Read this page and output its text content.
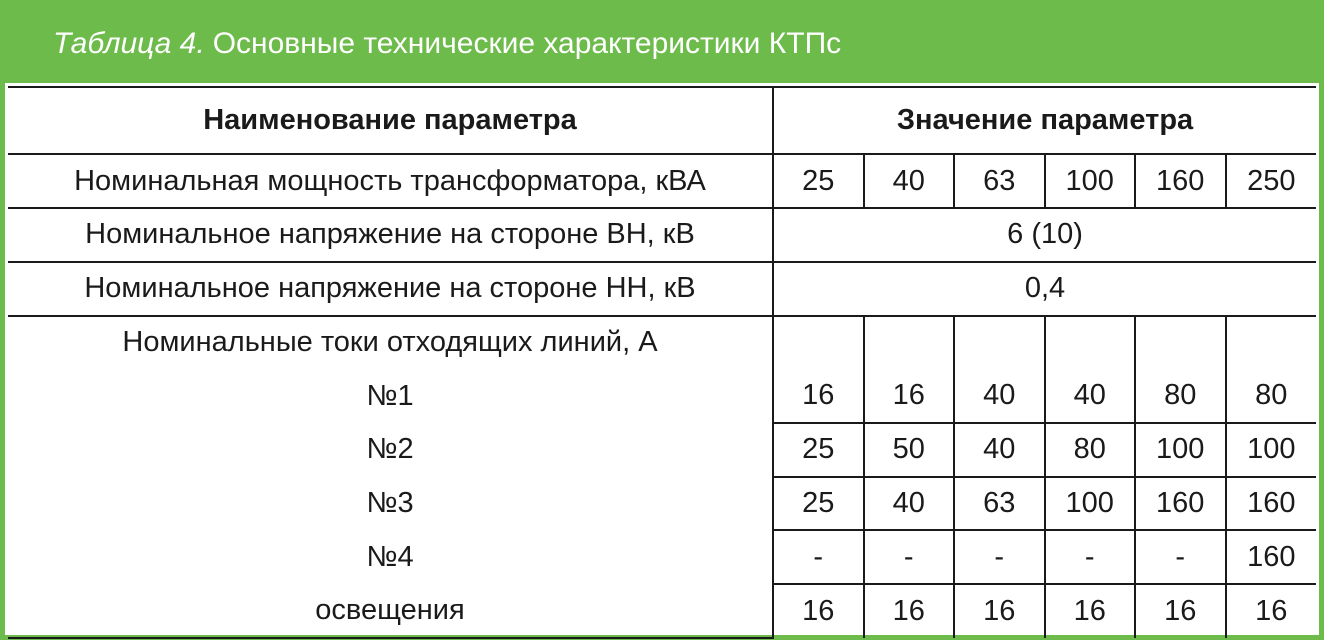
Таблица 4. Основные технические характеристики КТПс
Наименование параметра	Значение параметра					
Номинальная мощность трансформатора, кВА	25	40	63	100	160	250
Номинальное напряжение на стороне ВН, кВ	6 (10)					
Номинальное напряжение на стороне НН, кВ	0,4					
Номинальные токи отходящих линий, А						
№1	16	16	40	40	80	80
№2	25	50	40	80	100	100
№3	25	40	63	100	160	160
№4	-	-	-	-	-	160
освещения	16	16	16	16	16	16
